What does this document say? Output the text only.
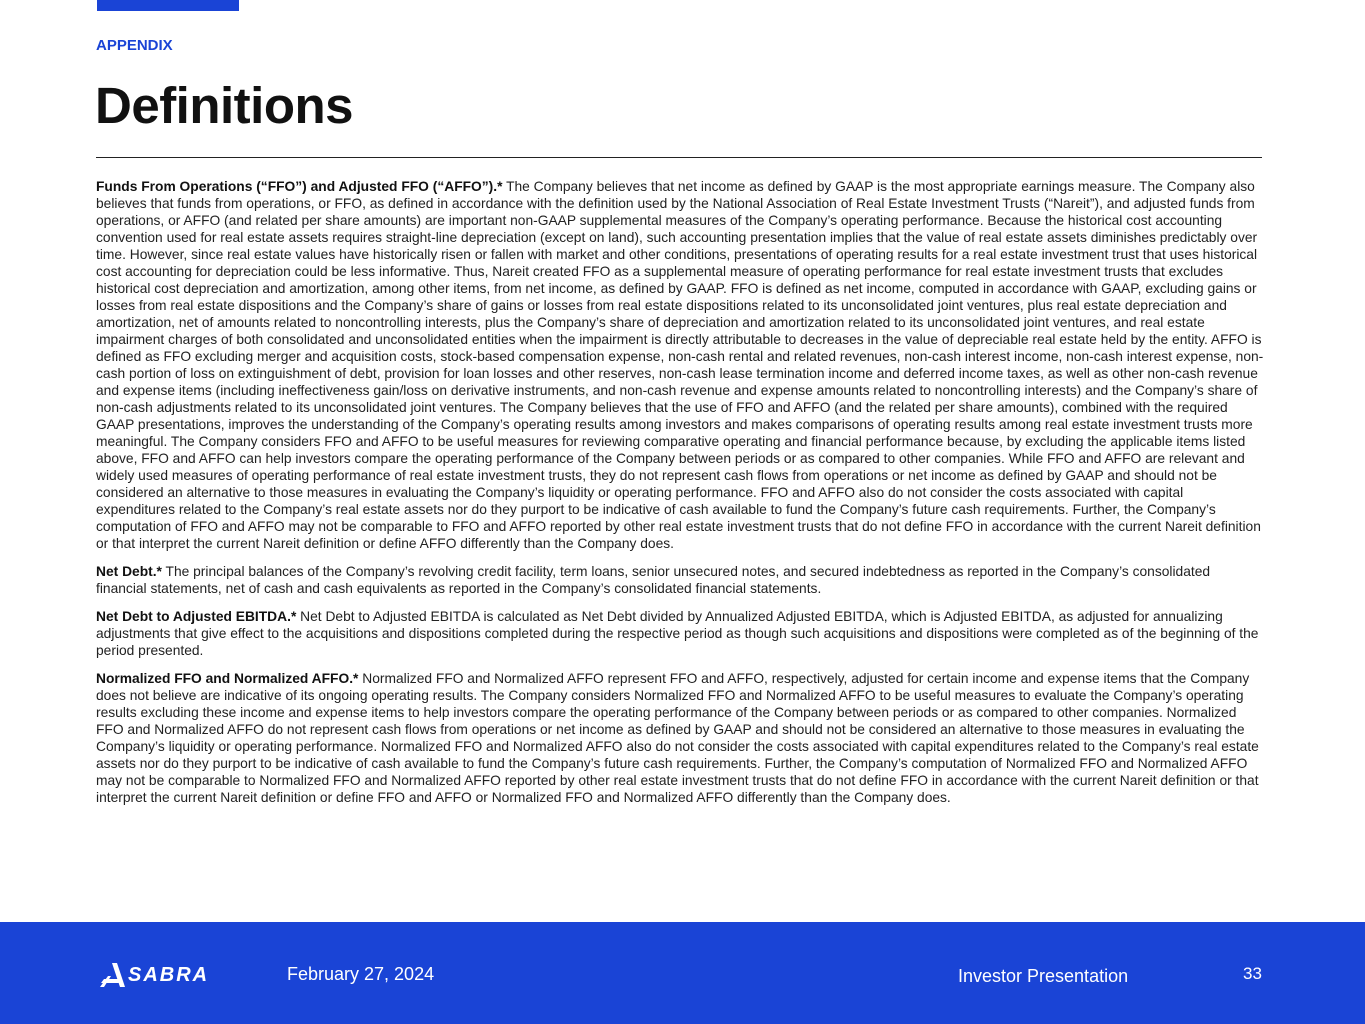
APPENDIX
Definitions

Funds From Operations (“FFO”) and Adjusted FFO (“AFFO”).* The Company believes that net income as defined by GAAP is the most appropriate earnings measure. The Company also believes that funds from operations, or FFO, as defined in accordance with the definition used by the National Association of Real Estate Investment Trusts (“Nareit”), and adjusted funds from operations, or AFFO (and related per share amounts) are important non-GAAP supplemental measures of the Company’s operating performance. Because the historical cost accounting convention used for real estate assets requires straight-line depreciation (except on land), such accounting presentation implies that the value of real estate assets diminishes predictably over time. However, since real estate values have historically risen or fallen with market and other conditions, presentations of operating results for a real estate investment trust that uses historical cost accounting for depreciation could be less informative. Thus, Nareit created FFO as a supplemental measure of operating performance for real estate investment trusts that excludes historical cost depreciation and amortization, among other items, from net income, as defined by GAAP. FFO is defined as net income, computed in accordance with GAAP, excluding gains or losses from real estate dispositions and the Company’s share of gains or losses from real estate dispositions related to its unconsolidated joint ventures, plus real estate depreciation and amortization, net of amounts related to noncontrolling interests, plus the Company’s share of depreciation and amortization related to its unconsolidated joint ventures, and real estate impairment charges of both consolidated and unconsolidated entities when the impairment is directly attributable to decreases in the value of depreciable real estate held by the entity. AFFO is defined as FFO excluding merger and acquisition costs, stock-based compensation expense, non-cash rental and related revenues, non-cash interest income, non-cash interest expense, non-cash portion of loss on extinguishment of debt, provision for loan losses and other reserves, non-cash lease termination income and deferred income taxes, as well as other non-cash revenue and expense items (including ineffectiveness gain/loss on derivative instruments, and non-cash revenue and expense amounts related to noncontrolling interests) and the Company’s share of non-cash adjustments related to its unconsolidated joint ventures. The Company believes that the use of FFO and AFFO (and the related per share amounts), combined with the required GAAP presentations, improves the understanding of the Company’s operating results among investors and makes comparisons of operating results among real estate investment trusts more meaningful. The Company considers FFO and AFFO to be useful measures for reviewing comparative operating and financial performance because, by excluding the applicable items listed above, FFO and AFFO can help investors compare the operating performance of the Company between periods or as compared to other companies. While FFO and AFFO are relevant and widely used measures of operating performance of real estate investment trusts, they do not represent cash flows from operations or net income as defined by GAAP and should not be considered an alternative to those measures in evaluating the Company’s liquidity or operating performance. FFO and AFFO also do not consider the costs associated with capital expenditures related to the Company’s real estate assets nor do they purport to be indicative of cash available to fund the Company’s future cash requirements. Further, the Company’s computation of FFO and AFFO may not be comparable to FFO and AFFO reported by other real estate investment trusts that do not define FFO in accordance with the current Nareit definition or that interpret the current Nareit definition or define AFFO differently than the Company does.

Net Debt.* The principal balances of the Company’s revolving credit facility, term loans, senior unsecured notes, and secured indebtedness as reported in the Company’s consolidated financial statements, net of cash and cash equivalents as reported in the Company’s consolidated financial statements.

Net Debt to Adjusted EBITDA.* Net Debt to Adjusted EBITDA is calculated as Net Debt divided by Annualized Adjusted EBITDA, which is Adjusted EBITDA, as adjusted for annualizing adjustments that give effect to the acquisitions and dispositions completed during the respective period as though such acquisitions and dispositions were completed as of the beginning of the period presented.

Normalized FFO and Normalized AFFO.* Normalized FFO and Normalized AFFO represent FFO and AFFO, respectively, adjusted for certain income and expense items that the Company does not believe are indicative of its ongoing operating results. The Company considers Normalized FFO and Normalized AFFO to be useful measures to evaluate the Company’s operating results excluding these income and expense items to help investors compare the operating performance of the Company between periods or as compared to other companies. Normalized FFO and Normalized AFFO do not represent cash flows from operations or net income as defined by GAAP and should not be considered an alternative to those measures in evaluating the Company’s liquidity or operating performance. Normalized FFO and Normalized AFFO also do not consider the costs associated with capital expenditures related to the Company’s real estate assets nor do they purport to be indicative of cash available to fund the Company’s future cash requirements. Further, the Company’s computation of Normalized FFO and Normalized AFFO may not be comparable to Normalized FFO and Normalized AFFO reported by other real estate investment trusts that do not define FFO in accordance with the current Nareit definition or that interpret the current Nareit definition or define FFO and AFFO or Normalized FFO and Normalized AFFO differently than the Company does.

SABRA	February 27, 2024	Investor Presentation	33
